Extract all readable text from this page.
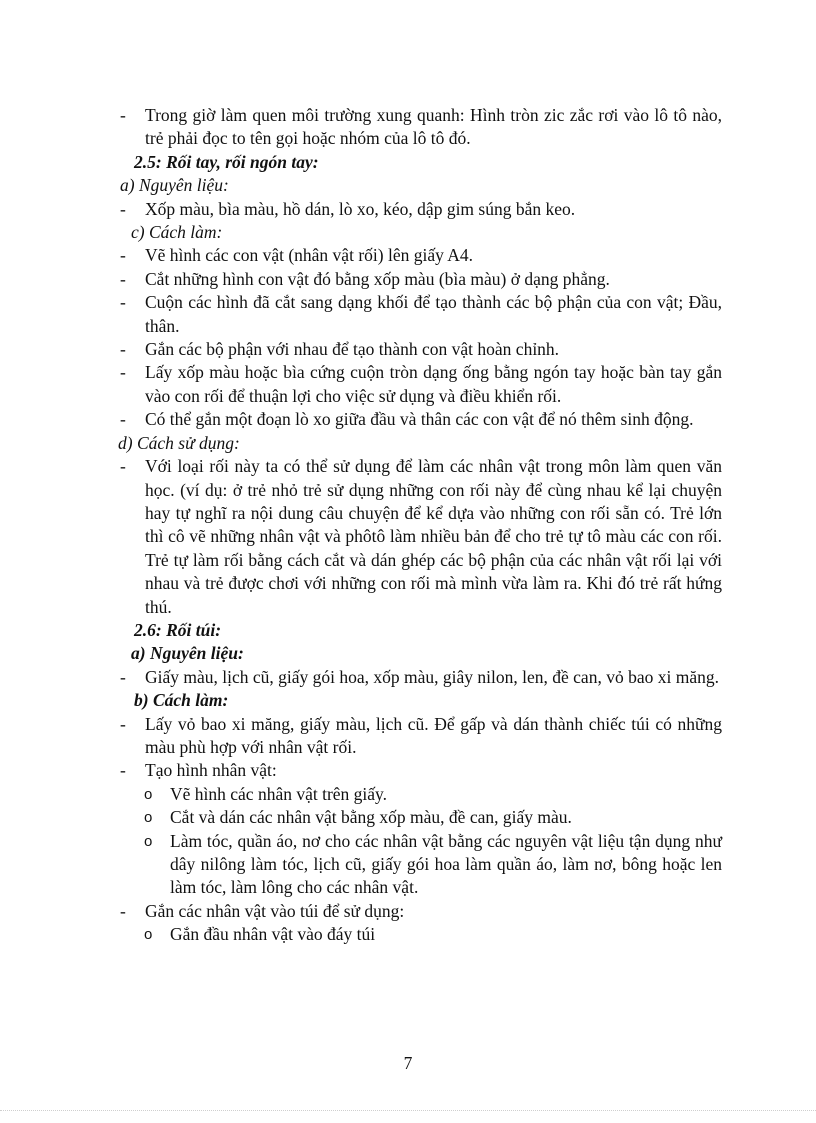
- Trong giờ làm quen môi trường xung quanh: Hình tròn zic zắc rơi vào lô tô nào, trẻ phải đọc to tên gọi hoặc nhóm của lô tô đó.
2.5: Rối tay, rối ngón tay:
a) Nguyên liệu:
- Xốp màu, bìa màu, hồ dán, lò xo, kéo, dập gim súng bắn keo.
c) Cách làm:
- Vẽ hình các con vật (nhân vật rối) lên giấy A4.
- Cắt những hình con vật đó bằng xốp màu (bìa màu) ở dạng phẳng.
- Cuộn các hình đã cắt sang dạng khối để tạo thành các bộ phận của con vật; Đầu, thân.
- Gắn các bộ phận với nhau để tạo thành con vật hoàn chỉnh.
- Lấy xốp màu hoặc bìa cứng cuộn tròn dạng ống bằng ngón tay hoặc bàn tay gắn vào con rối để thuận lợi cho việc sử dụng và điều khiển rối.
- Có thể gắn một đoạn lò xo giữa đầu và thân các con vật để nó thêm sinh động.
d) Cách sử dụng:
- Với loại rối này ta có thể sử dụng để làm các nhân vật trong môn làm quen văn học. (ví dụ: ở trẻ nhỏ trẻ sử dụng những con rối này để cùng nhau kể lại chuyện hay tự nghĩ ra nội dung câu chuyện để kể dựa vào những con rối sẵn có. Trẻ lớn thì cô vẽ những nhân vật và phôtô làm nhiều bản để cho trẻ tự tô màu các con rối. Trẻ tự làm rối bằng cách cắt và dán ghép các bộ phận của các nhân vật rối lại với nhau và trẻ được chơi với những con rối mà mình vừa làm ra. Khi đó trẻ rất hứng thú.
2.6: Rối túi:
a) Nguyên liệu:
- Giấy màu, lịch cũ, giấy gói hoa, xốp màu, giây nilon, len, đề can, vỏ bao xi măng.
b) Cách làm:
- Lấy vỏ bao xi măng, giấy màu, lịch cũ. Để gấp và dán thành chiếc túi có những màu phù hợp với nhân vật rối.
- Tạo hình nhân vật:
o Vẽ hình các nhân vật trên giấy.
o Cắt và dán các nhân vật bằng xốp màu, đề can, giấy màu.
o Làm tóc, quần áo, nơ cho các nhân vật bằng các nguyên vật liệu tận dụng như dây nilông làm tóc, lịch cũ, giấy gói hoa làm quần áo, làm nơ, bông hoặc len làm tóc, làm lông cho các nhân vật.
- Gắn các nhân vật vào túi để sử dụng:
o Gắn đầu nhân vật vào đáy túi
7
